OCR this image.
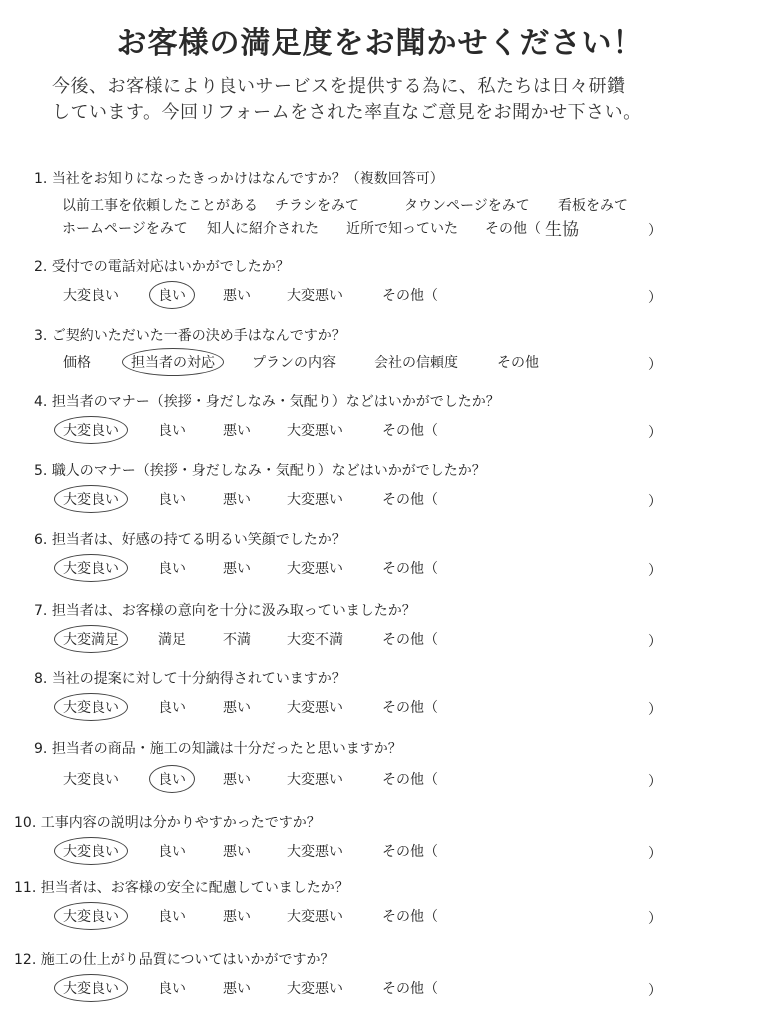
お客様の満足度をお聞かせください！
今後、お客様により良いサービスを提供する為に、私たちは日々研鑽
しています。今回リフォームをされた率直なご意見をお聞かせ下さい。
1. 当社をお知りになったきっかけはなんですか？（複数回答可）
以前工事を依頼したことがある チラシをみて	タウンページをみて 看板をみて
ホームページをみて 知人に紹介された 近所で知っていた その他（ 生協	）
2. 受付での電話対応はいかがでしたか？
大変良い	良い	悪い	大変悪い	その他（	）
3. ご契約いただいた一番の決め手はなんですか？
価格	担当者の対応	プランの内容	会社の信頼度	その他	）
4. 担当者のマナー（挨拶・身だしなみ・気配り）などはいかがでしたか？
大変良い	良い	悪い	大変悪い	その他（	）
5. 職人のマナー（挨拶・身だしなみ・気配り）などはいかがでしたか？
大変良い	良い	悪い	大変悪い	その他（	）
6. 担当者は、好感の持てる明るい笑顔でしたか？
大変良い	良い	悪い	大変悪い	その他（	）
7. 担当者は、お客様の意向を十分に汲み取っていましたか？
大変満足	満足	不満	大変不満	その他（	）
8. 当社の提案に対して十分納得されていますか？
大変良い	良い	悪い	大変悪い	その他（	）
9. 担当者の商品・施工の知識は十分だったと思いますか？
大変良い	良い	悪い	大変悪い	その他（	）
10. 工事内容の説明は分かりやすかったですか？
大変良い	良い	悪い	大変悪い	その他（	）
11. 担当者は、お客様の安全に配慮していましたか？
大変良い	良い	悪い	大変悪い	その他（	）
12. 施工の仕上がり品質についてはいかがですか？
大変良い	良い	悪い	大変悪い	その他（	）
